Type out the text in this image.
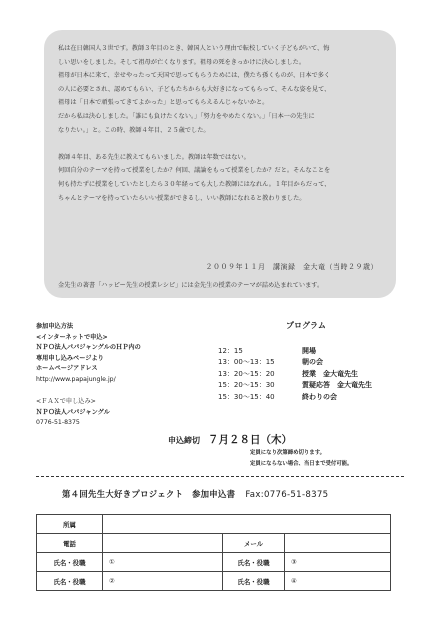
私は在日韓国人３世です。教師３年目のとき、韓国人という理由で転校していく子どもがいて、悔

しい思いをしました。そして祖母が亡くなります。祖母の死をきっかけに決心しました。

祖母が日本に来て、幸せやったって天国で思ってもらうためには、僕たち孫くものが、日本で多く

の人に必要とされ、認めてもらい、子どもたちからも大好きになってもらって、そんな姿を見て、

祖母は「日本で頑張ってきてよかった」と思ってもらえるんじゃないかと。

だから私は決心しました。「誰にも負けたくない。」「努力をやめたくない。」「日本一の先生に

なりたい。」と。この時、教師４年目、２５歳でした。

教師４年目、ある先生に教えてもらいました。教師は年数ではない。

何回自分のテーマを持って授業をしたか？何回、議論をもって授業をしたか？だと。そんなことを

何も持たずに授業をしていたとしたら３０年経っても大した教師にはなれん。１年目からだって、

ちゃんとテーマを持っていたらいい授業ができるし、いい教師になれると教わりました。

２００９年１１月　講演録　金大竜（当時２９歳）
金先生の著書「ハッピー先生の授業レシピ」には金先生の授業のテーマが詰め込まれています。
参加申込方法
<インターネットで申込>
ＮＰＯ法人パパジャングルのＨＰ内の
専用申し込みページより
ホームページアドレス
http://www.papajungle.jp/
<ＦＡＸで申し込み>
ＮＰＯ法人パパジャングル
0776-51-8375
プログラム
12：15	開場
13：00～13：15	朝の会
13：20～15：20	授業　金大竜先生
15：20～15：30	質疑応答　金大竜先生
15：30～15：40	終わりの会
申込締切 ７月２８日（木）
定員になり次第締め切ります。
定員にならない場合、当日まで受付可能。
第４回先生大好きプロジェクト　参加申込書 Fax:0776-51-8375
所属			
電話		メール	
氏名・役職	①	氏名・役職	③
氏名・役職	②	氏名・役職	④
